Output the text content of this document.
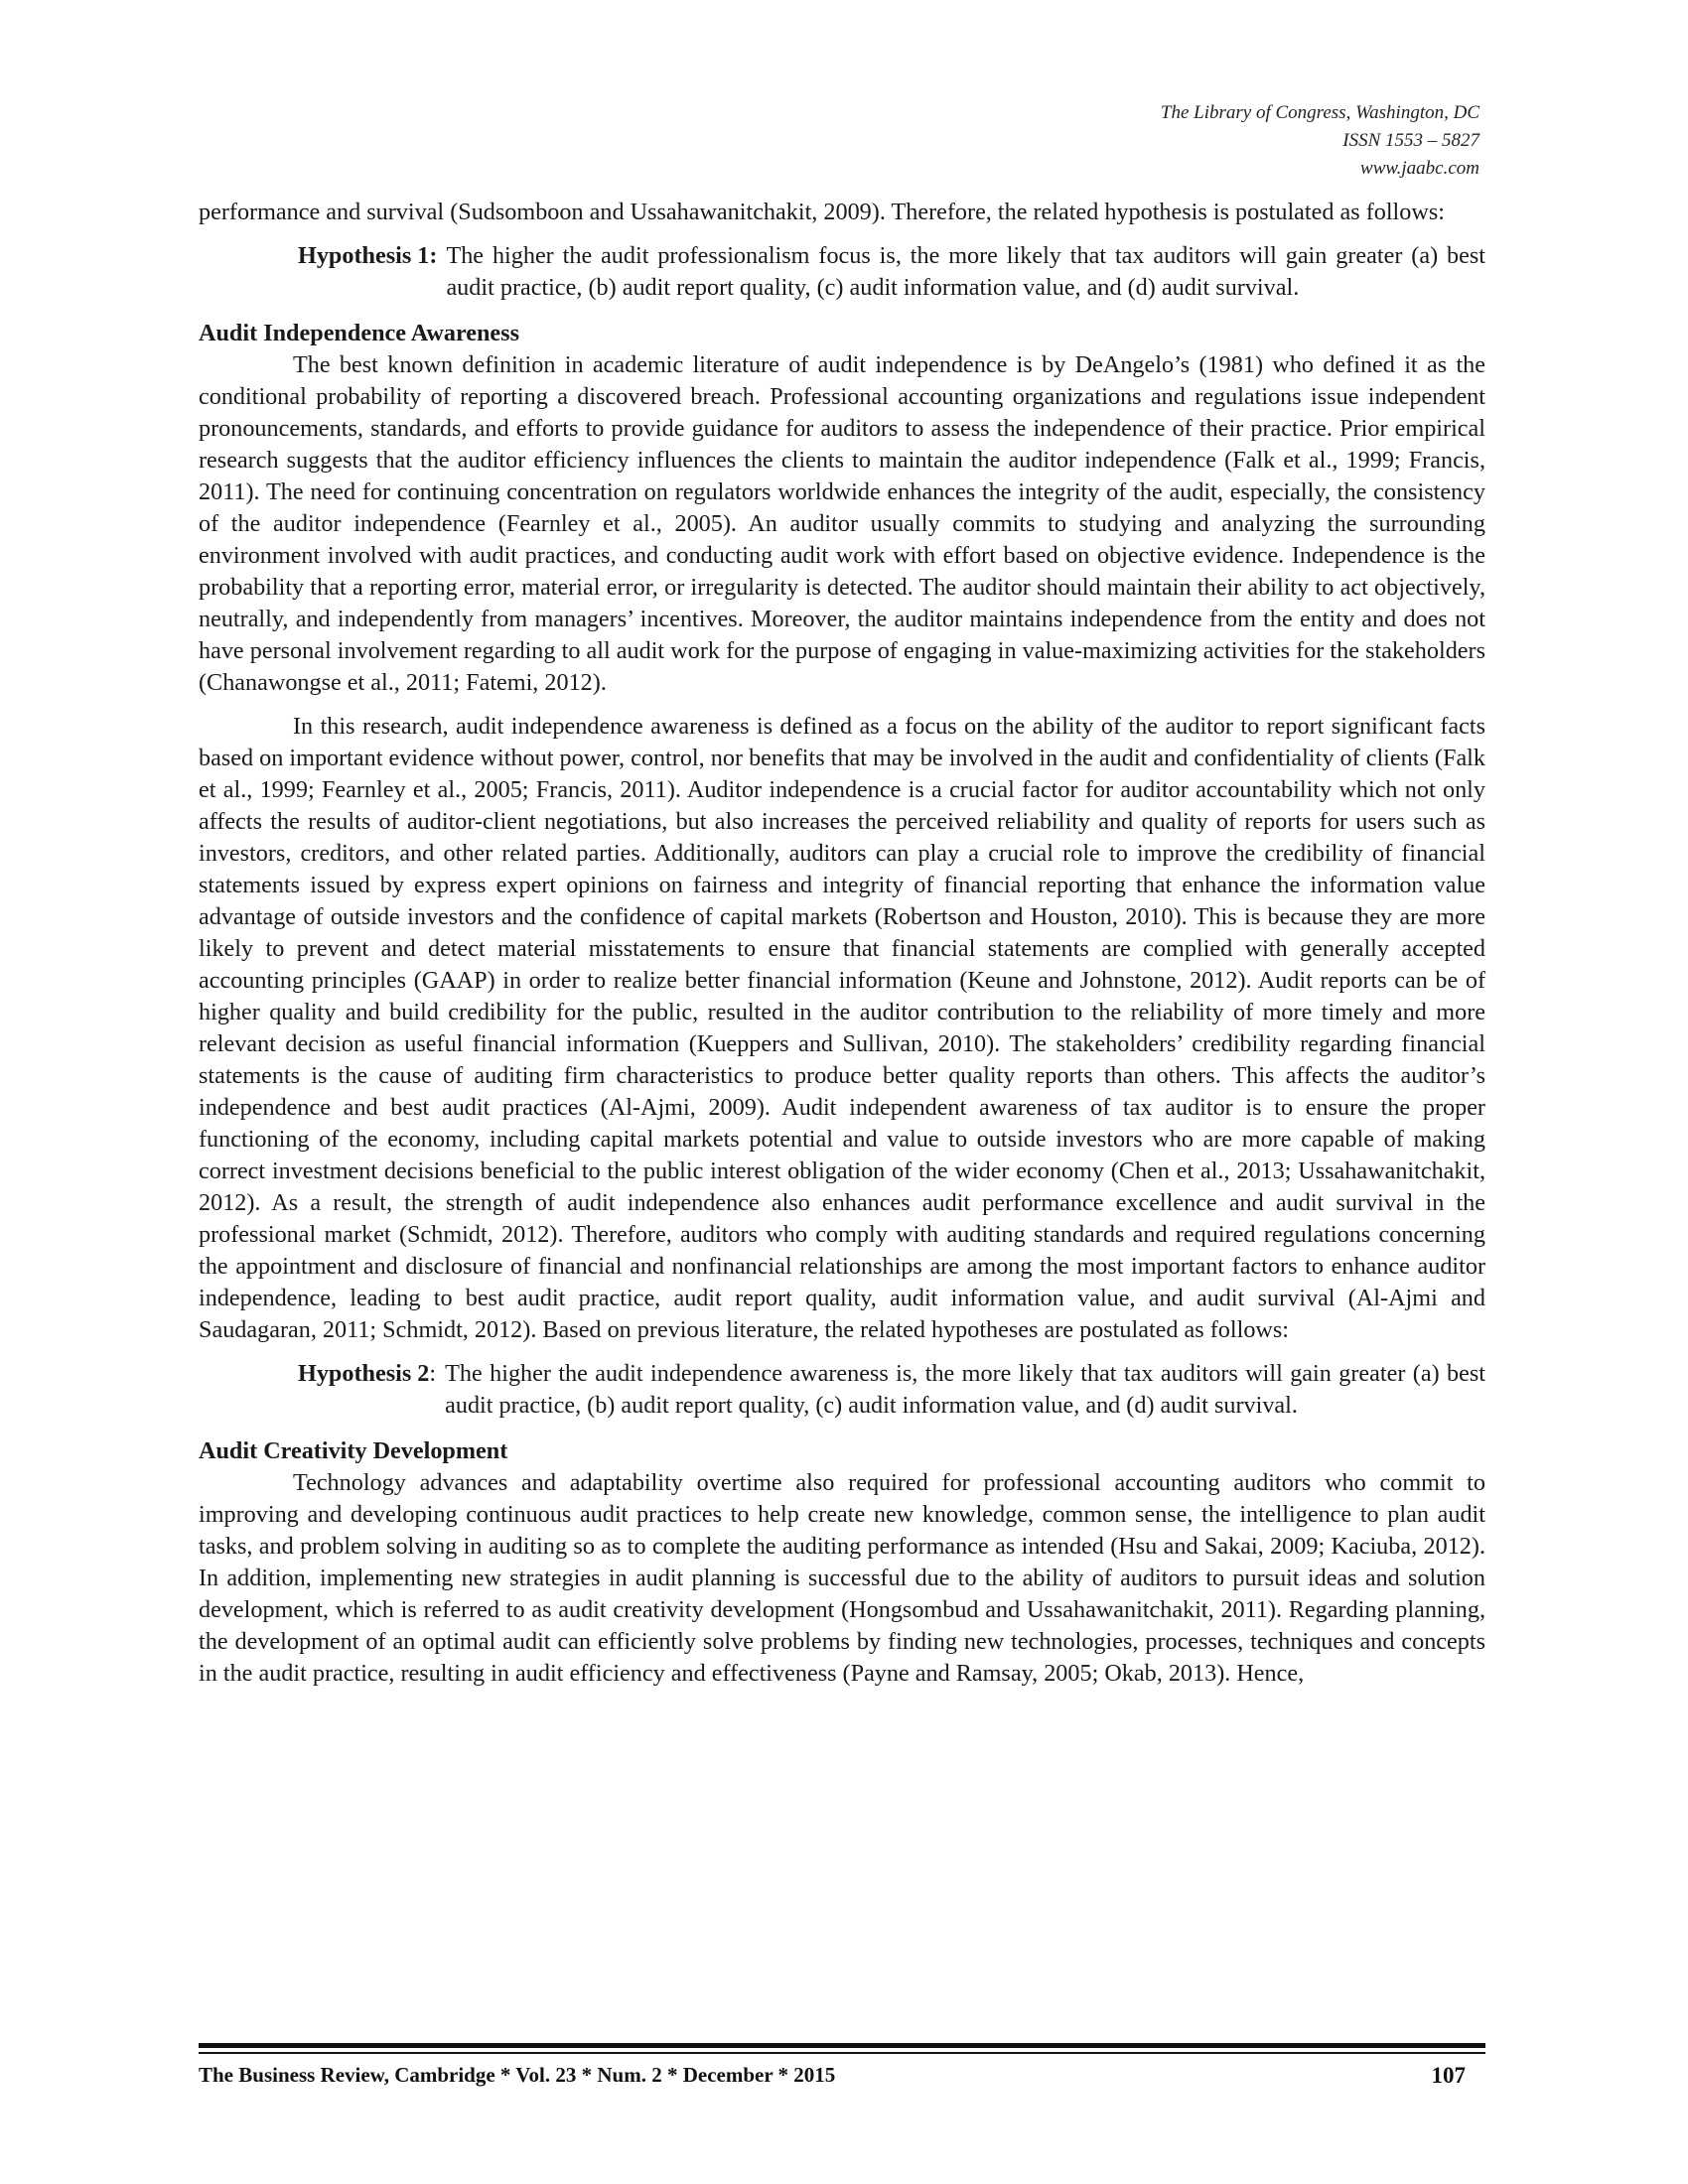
The Library of Congress, Washington, DC
ISSN 1553 – 5827
www.jaabc.com

performance and survival (Sudsomboon and Ussahawanitchakit, 2009). Therefore, the related hypothesis is postulated as follows:

Hypothesis 1: The higher the audit professionalism focus is, the more likely that tax auditors will gain greater (a) best audit practice, (b) audit report quality, (c) audit information value, and (d) audit survival.
Audit Independence Awareness

The best known definition in academic literature of audit independence is by DeAngelo’s (1981) who defined it as the conditional probability of reporting a discovered breach. Professional accounting organizations and regulations issue independent pronouncements, standards, and efforts to provide guidance for auditors to assess the independence of their practice. Prior empirical research suggests that the auditor efficiency influences the clients to maintain the auditor independence (Falk et al., 1999; Francis, 2011). The need for continuing concentration on regulators worldwide enhances the integrity of the audit, especially, the consistency of the auditor independence (Fearnley et al., 2005). An auditor usually commits to studying and analyzing the surrounding environment involved with audit practices, and conducting audit work with effort based on objective evidence. Independence is the probability that a reporting error, material error, or irregularity is detected. The auditor should maintain their ability to act objectively, neutrally, and independently from managers’ incentives. Moreover, the auditor maintains independence from the entity and does not have personal involvement regarding to all audit work for the purpose of engaging in value-maximizing activities for the stakeholders (Chanawongse et al., 2011; Fatemi, 2012).

In this research, audit independence awareness is defined as a focus on the ability of the auditor to report significant facts based on important evidence without power, control, nor benefits that may be involved in the audit and confidentiality of clients (Falk et al., 1999; Fearnley et al., 2005; Francis, 2011). Auditor independence is a crucial factor for auditor accountability which not only affects the results of auditor-client negotiations, but also increases the perceived reliability and quality of reports for users such as investors, creditors, and other related parties. Additionally, auditors can play a crucial role to improve the credibility of financial statements issued by express expert opinions on fairness and integrity of financial reporting that enhance the information value advantage of outside investors and the confidence of capital markets (Robertson and Houston, 2010). This is because they are more likely to prevent and detect material misstatements to ensure that financial statements are complied with generally accepted accounting principles (GAAP) in order to realize better financial information (Keune and Johnstone, 2012). Audit reports can be of higher quality and build credibility for the public, resulted in the auditor contribution to the reliability of more timely and more relevant decision as useful financial information (Kueppers and Sullivan, 2010). The stakeholders’ credibility regarding financial statements is the cause of auditing firm characteristics to produce better quality reports than others. This affects the auditor’s independence and best audit practices (Al-Ajmi, 2009). Audit independent awareness of tax auditor is to ensure the proper functioning of the economy, including capital markets potential and value to outside investors who are more capable of making correct investment decisions beneficial to the public interest obligation of the wider economy (Chen et al., 2013; Ussahawanitchakit, 2012). As a result, the strength of audit independence also enhances audit performance excellence and audit survival in the professional market (Schmidt, 2012). Therefore, auditors who comply with auditing standards and required regulations concerning the appointment and disclosure of financial and nonfinancial relationships are among the most important factors to enhance auditor independence, leading to best audit practice, audit report quality, audit information value, and audit survival (Al-Ajmi and Saudagaran, 2011; Schmidt, 2012). Based on previous literature, the related hypotheses are postulated as follows:

Hypothesis 2: The higher the audit independence awareness is, the more likely that tax auditors will gain greater (a) best audit practice, (b) audit report quality, (c) audit information value, and (d) audit survival.
Audit Creativity Development

Technology advances and adaptability overtime also required for professional accounting auditors who commit to improving and developing continuous audit practices to help create new knowledge, common sense, the intelligence to plan audit tasks, and problem solving in auditing so as to complete the auditing performance as intended (Hsu and Sakai, 2009; Kaciuba, 2012). In addition, implementing new strategies in audit planning is successful due to the ability of auditors to pursuit ideas and solution development, which is referred to as audit creativity development (Hongsombud and Ussahawanitchakit, 2011). Regarding planning, the development of an optimal audit can efficiently solve problems by finding new technologies, processes, techniques and concepts in the audit practice, resulting in audit efficiency and effectiveness (Payne and Ramsay, 2005; Okab, 2013). Hence,

The Business Review, Cambridge * Vol. 23 * Num. 2 * December * 2015	107
